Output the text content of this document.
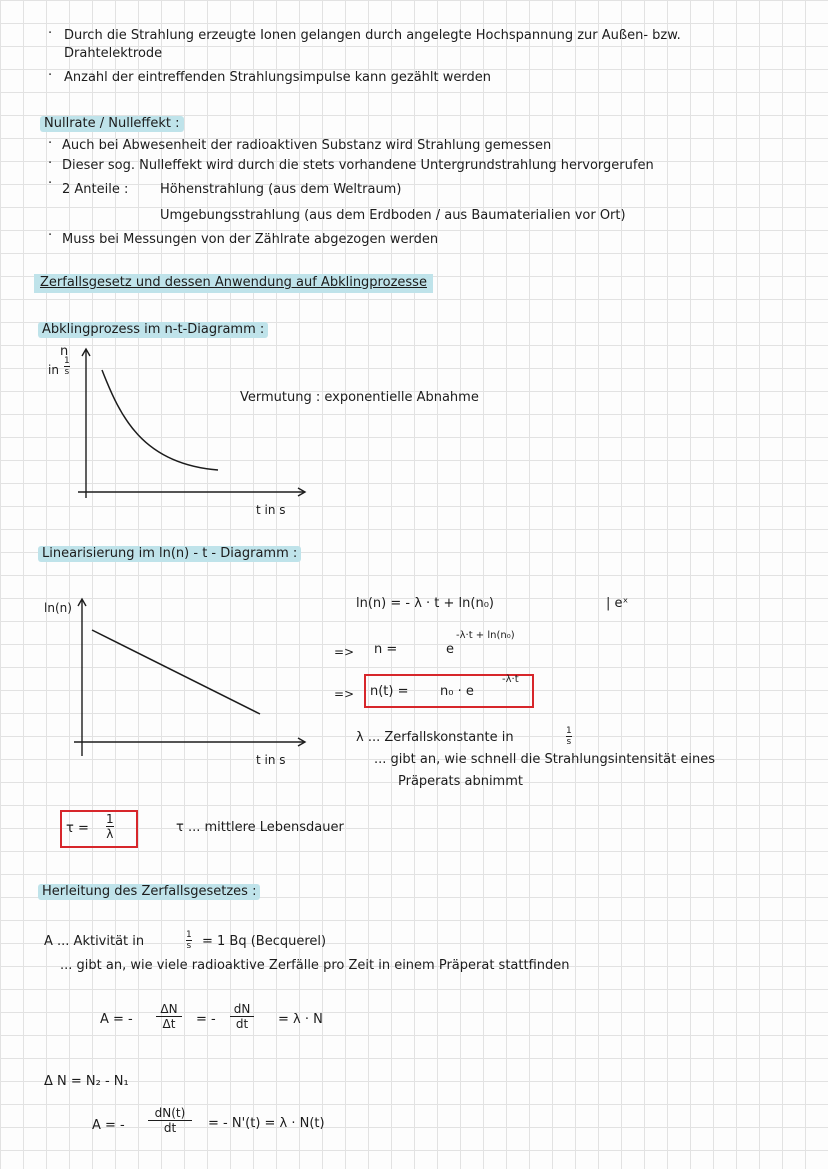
· Durch die Strahlung erzeugte Ionen gelangen durch angelegte Hochspannung zur Außen- bzw.
Drahtelektrode
· Anzahl der eintreffenden Strahlungsimpulse kann gezählt werden
Nullrate / Nulleffekt :
· Auch bei Abwesenheit der radioaktiven Substanz wird Strahlung gemessen
· Dieser sog. Nulleffekt wird durch die stets vorhandene Untergrundstrahlung hervorgerufen
· 2 Anteile : Höhenstrahlung (aus dem Weltraum)
Umgebungsstrahlung (aus dem Erdboden / aus Baumaterialien vor Ort)
· Muss bei Messungen von der Zählrate abgezogen werden
Zerfallsgesetz und dessen Anwendung auf Abklingprozesse
Abklingprozess im n-t-Diagramm :
n
in $\frac{1}{s}$
t in s
Vermutung : exponentielle Abnahme
Linearisierung im ln(n) - t - Diagramm :
ln(n)
t in s
ln(n) = - λ · t + ln(n₀)	| eˣ
=> n =	e
-λ·t + ln(n₀)
=> n(t) = n₀ · e
-λ·t
λ ... Zerfallskonstante in	$\frac{1}{s}$
... gibt an, wie schnell die Strahlungsintensität eines
Präperats abnimmt
$\tau = \frac{1}{\lambda}$	τ ... mittlere Lebensdauer
Herleitung des Zerfallsgesetzes :
A ... Aktivität in	$\frac{1}{s} = 1$ Bq (Becquerel)
... gibt an, wie viele radioaktive Zerfälle pro Zeit in einem Präperat stattfinden
A = - $\frac{\Delta N}{\Delta t}$ = - $\frac{dN}{dt} = \lambda \cdot N$
Δ N = N₂ - N₁
A = - $\frac{dN(t)}{dt}$ = - N'(t) = λ · N(t)
